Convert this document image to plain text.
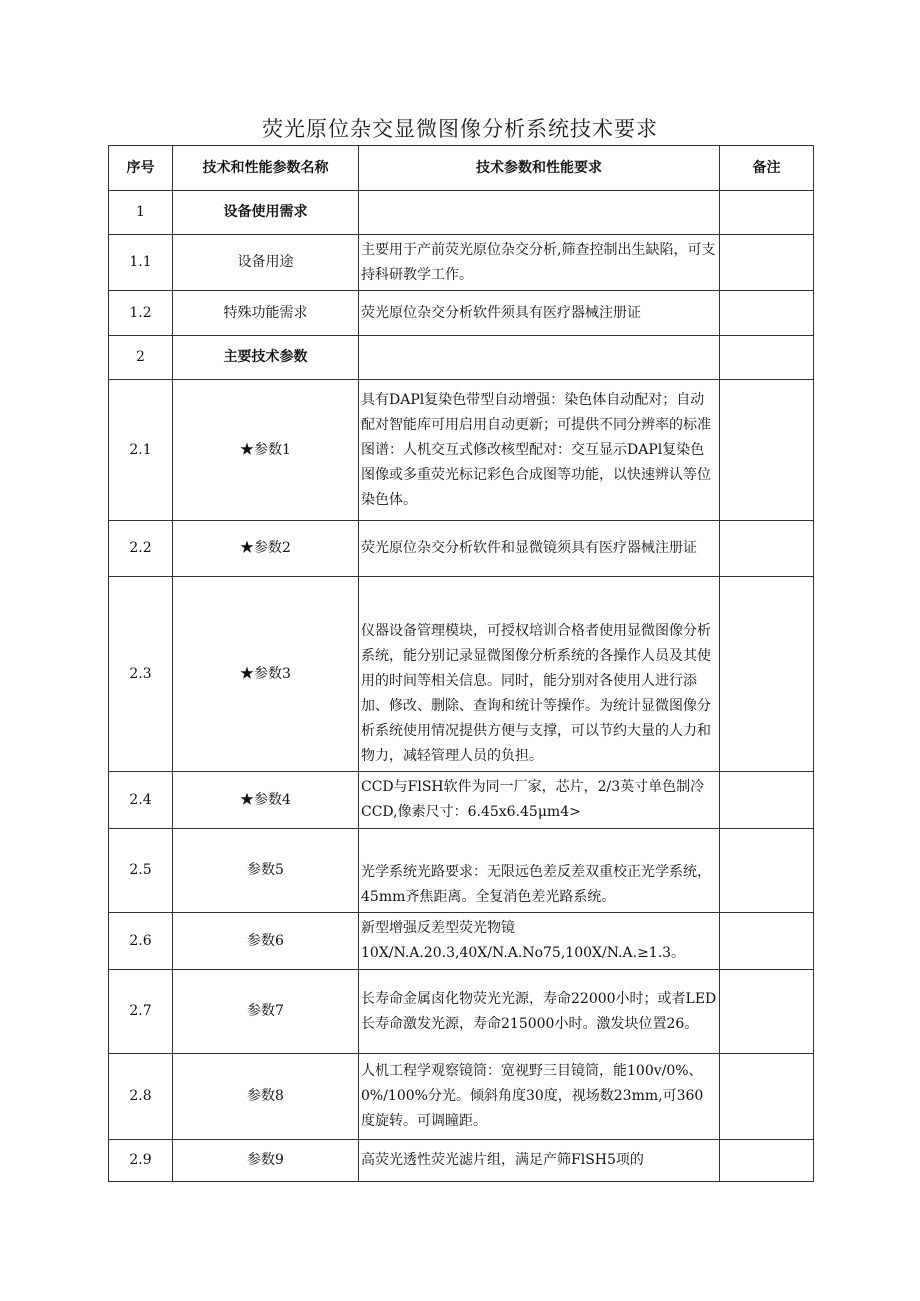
荧光原位杂交显微图像分析系统技术要求
序号	技术和性能参数名称	技术参数和性能要求	备注
1	设备使用需求		
1.1	设备用途	主要用于产前荧光原位杂交分析,筛查控制出生缺陷，可支持科研教学工作。	
1.2	特殊功能需求	荧光原位杂交分析软件须具有医疗器械注册证	
2	主要技术参数		
2.1	★参数1	具有DAPl复染色带型自动增强：染色体自动配对；自动配对智能库可用启用自动更新；可提供不同分辨率的标准图谱：人机交互式修改核型配对：交互显示DAPl复染色图像或多重荧光标记彩色合成图等功能，以快速辨认等位染色体。	
2.2	★参数2	荧光原位杂交分析软件和显微镜须具有医疗器械注册证	
2.3	★参数3	仪器设备管理模块，可授权培训合格者使用显微图像分析系统，能分别记录显微图像分析系统的各操作人员及其使用的时间等相关信息。同时，能分别对各使用人进行添加、修改、删除、查询和统计等操作。为统计显微图像分析系统使用情况提供方便与支撑，可以节约大量的人力和物力，减轻管理人员的负担。	
2.4	★参数4	CCD与FlSH软件为同一厂家，芯片，2/3英寸单色制冷CCD,像素尺寸：6.45x6.45μm4>	
2.5	参数5	光学系统光路要求：无限远色差反差双重校正光学系统，45mm齐焦距离。全复消色差光路系统。	
2.6	参数6	新型增强反差型荧光物镜10X/N.A.20.3,40X/N.A.No75,100X/N.A.≥1.3。	
2.7	参数7	长寿命金属卤化物荧光光源，寿命22000小时；或者LED长寿命激发光源，寿命215000小时。激发块位置26。	
2.8	参数8	人机工程学观察镜筒：宽视野三目镜筒，能100v/0%、0%/100%分光。倾斜角度30度，视场数23mm,可360度旋转。可调瞳距。	
2.9	参数9	高荧光透性荧光滤片组，满足产筛FlSH5项的	
